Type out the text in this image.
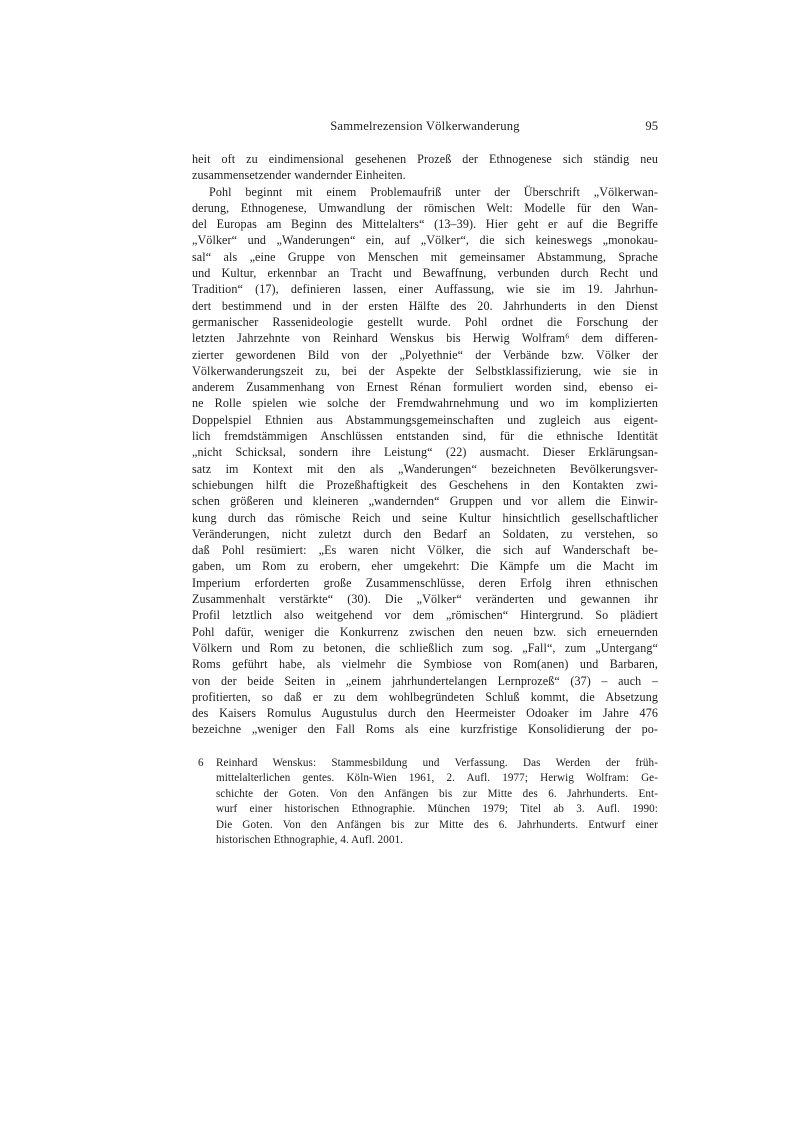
Sammelrezension Völkerwanderung	95
heit oft zu eindimensional gesehenen Prozeß der Ethnogenese sich ständig neu
zusammensetzender wandernder Einheiten.
Pohl beginnt mit einem Problemaufriß unter der Überschrift „Völkerwan-
derung, Ethnogenese, Umwandlung der römischen Welt: Modelle für den Wan-
del Europas am Beginn des Mittelalters“ (13–39). Hier geht er auf die Begriffe
„Völker“ und „Wanderungen“ ein, auf „Völker“, die sich keineswegs „monokau-
sal“ als „eine Gruppe von Menschen mit gemeinsamer Abstammung, Sprache
und Kultur, erkennbar an Tracht und Bewaffnung, verbunden durch Recht und
Tradition“ (17), definieren lassen, einer Auffassung, wie sie im 19. Jahrhun-
dert bestimmend und in der ersten Hälfte des 20. Jahrhunderts in den Dienst
germanischer Rassenideologie gestellt wurde. Pohl ordnet die Forschung der
letzten Jahrzehnte von Reinhard Wenskus bis Herwig Wolfram⁶ dem differen-
zierter gewordenen Bild von der „Polyethnie“ der Verbände bzw. Völker der
Völkerwanderungszeit zu, bei der Aspekte der Selbstklassifizierung, wie sie in
anderem Zusammenhang von Ernest Rénan formuliert worden sind, ebenso ei-
ne Rolle spielen wie solche der Fremdwahrnehmung und wo im komplizierten
Doppelspiel Ethnien aus Abstammungsgemeinschaften und zugleich aus eigent-
lich fremdstämmigen Anschlüssen entstanden sind, für die ethnische Identität
„nicht Schicksal, sondern ihre Leistung“ (22) ausmacht. Dieser Erklärungsan-
satz im Kontext mit den als „Wanderungen“ bezeichneten Bevölkerungsver-
schiebungen hilft die Prozeßhaftigkeit des Geschehens in den Kontakten zwi-
schen größeren und kleineren „wandernden“ Gruppen und vor allem die Einwir-
kung durch das römische Reich und seine Kultur hinsichtlich gesellschaftlicher
Veränderungen, nicht zuletzt durch den Bedarf an Soldaten, zu verstehen, so
daß Pohl resümiert: „Es waren nicht Völker, die sich auf Wanderschaft be-
gaben, um Rom zu erobern, eher umgekehrt: Die Kämpfe um die Macht im
Imperium erforderten große Zusammenschlüsse, deren Erfolg ihren ethnischen
Zusammenhalt verstärkte“ (30). Die „Völker“ veränderten und gewannen ihr
Profil letztlich also weitgehend vor dem „römischen“ Hintergrund. So plädiert
Pohl dafür, weniger die Konkurrenz zwischen den neuen bzw. sich erneuernden
Völkern und Rom zu betonen, die schließlich zum sog. „Fall“, zum „Untergang“
Roms geführt habe, als vielmehr die Symbiose von Rom(anen) und Barbaren,
von der beide Seiten in „einem jahrhundertelangen Lernprozeß“ (37) – auch –
profitierten, so daß er zu dem wohlbegründeten Schluß kommt, die Absetzung
des Kaisers Romulus Augustulus durch den Heermeister Odoaker im Jahre 476
bezeichne „weniger den Fall Roms als eine kurzfristige Konsolidierung der po-
6 Reinhard Wenskus: Stammesbildung und Verfassung. Das Werden der früh-
mittelalterlichen gentes. Köln-Wien 1961, 2. Aufl. 1977; Herwig Wolfram: Ge-
schichte der Goten. Von den Anfängen bis zur Mitte des 6. Jahrhunderts. Ent-
wurf einer historischen Ethnographie. München 1979; Titel ab 3. Aufl. 1990:
Die Goten. Von den Anfängen bis zur Mitte des 6. Jahrhunderts. Entwurf einer
historischen Ethnographie, 4. Aufl. 2001.
